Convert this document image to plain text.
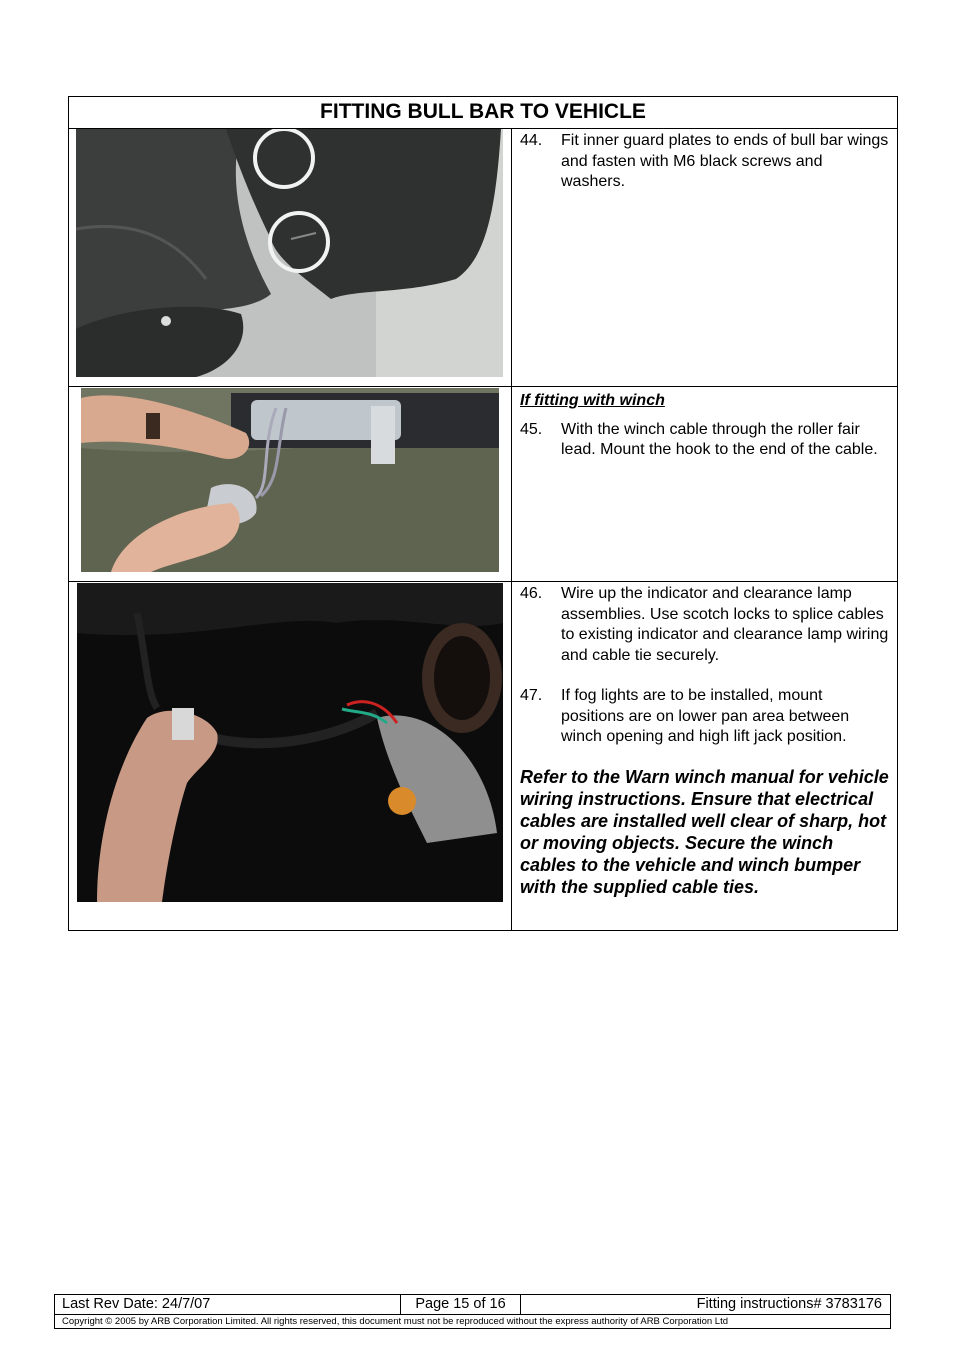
FITTING BULL BAR TO VEHICLE
44.	Fit inner guard plates to ends of bull bar wings and fasten with M6 black screws and washers.
If fitting with winch
45.	With the winch cable through the roller fair lead. Mount the hook to the end of the cable.
46.	Wire up the indicator and clearance lamp assemblies. Use scotch locks to splice cables to existing indicator and clearance lamp wiring and cable tie securely.
47.	If fog lights are to be installed, mount positions are on lower pan area between winch opening and high lift jack position.
Refer to the Warn winch manual for vehicle wiring instructions. Ensure that electrical cables are installed well clear of sharp, hot or moving objects. Secure the winch cables to the vehicle and winch bumper with the supplied cable ties.
Last Rev Date: 24/7/07	Page 15 of 16	Fitting instructions# 3783176
Copyright © 2005 by ARB Corporation Limited. All rights reserved, this document must not be reproduced without the express authority of ARB Corporation Ltd
